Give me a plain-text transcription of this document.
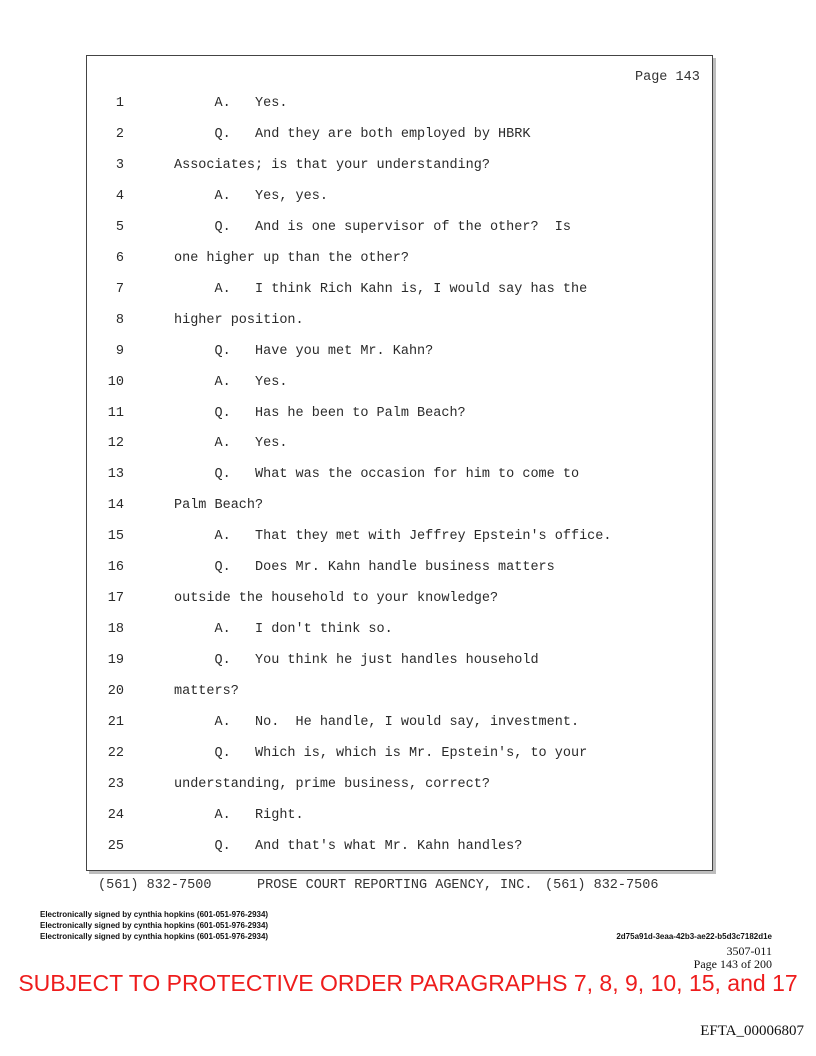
Page 143
1	A.   Yes.
2	Q.   And they are both employed by HBRK
3	Associates; is that your understanding?
4	A.   Yes, yes.
5	Q.   And is one supervisor of the other?  Is
6	one higher up than the other?
7	A.   I think Rich Kahn is, I would say has the
8	higher position.
9	Q.   Have you met Mr. Kahn?
10	A.   Yes.
11	Q.   Has he been to Palm Beach?
12	A.   Yes.
13	Q.   What was the occasion for him to come to
14	Palm Beach?
15	A.   That they met with Jeffrey Epstein's office.
16	Q.   Does Mr. Kahn handle business matters
17	outside the household to your knowledge?
18	A.   I don't think so.
19	Q.   You think he just handles household
20	matters?
21	A.   No.  He handle, I would say, investment.
22	Q.   Which is, which is Mr. Epstein's, to your
23	understanding, prime business, correct?
24	A.   Right.
25	Q.   And that's what Mr. Kahn handles?
(561) 832-7500	PROSE COURT REPORTING AGENCY, INC. (561) 832-7506
Electronically signed by cynthia hopkins (601-051-976-2934)
Electronically signed by cynthia hopkins (601-051-976-2934)
Electronically signed by cynthia hopkins (601-051-976-2934)	2d75a91d-3eaa-42b3-ae22-b5d3c7182d1e
3507-011
Page 143 of 200
SUBJECT TO PROTECTIVE ORDER PARAGRAPHS 7, 8, 9, 10, 15, and 17
EFTA_00006807
